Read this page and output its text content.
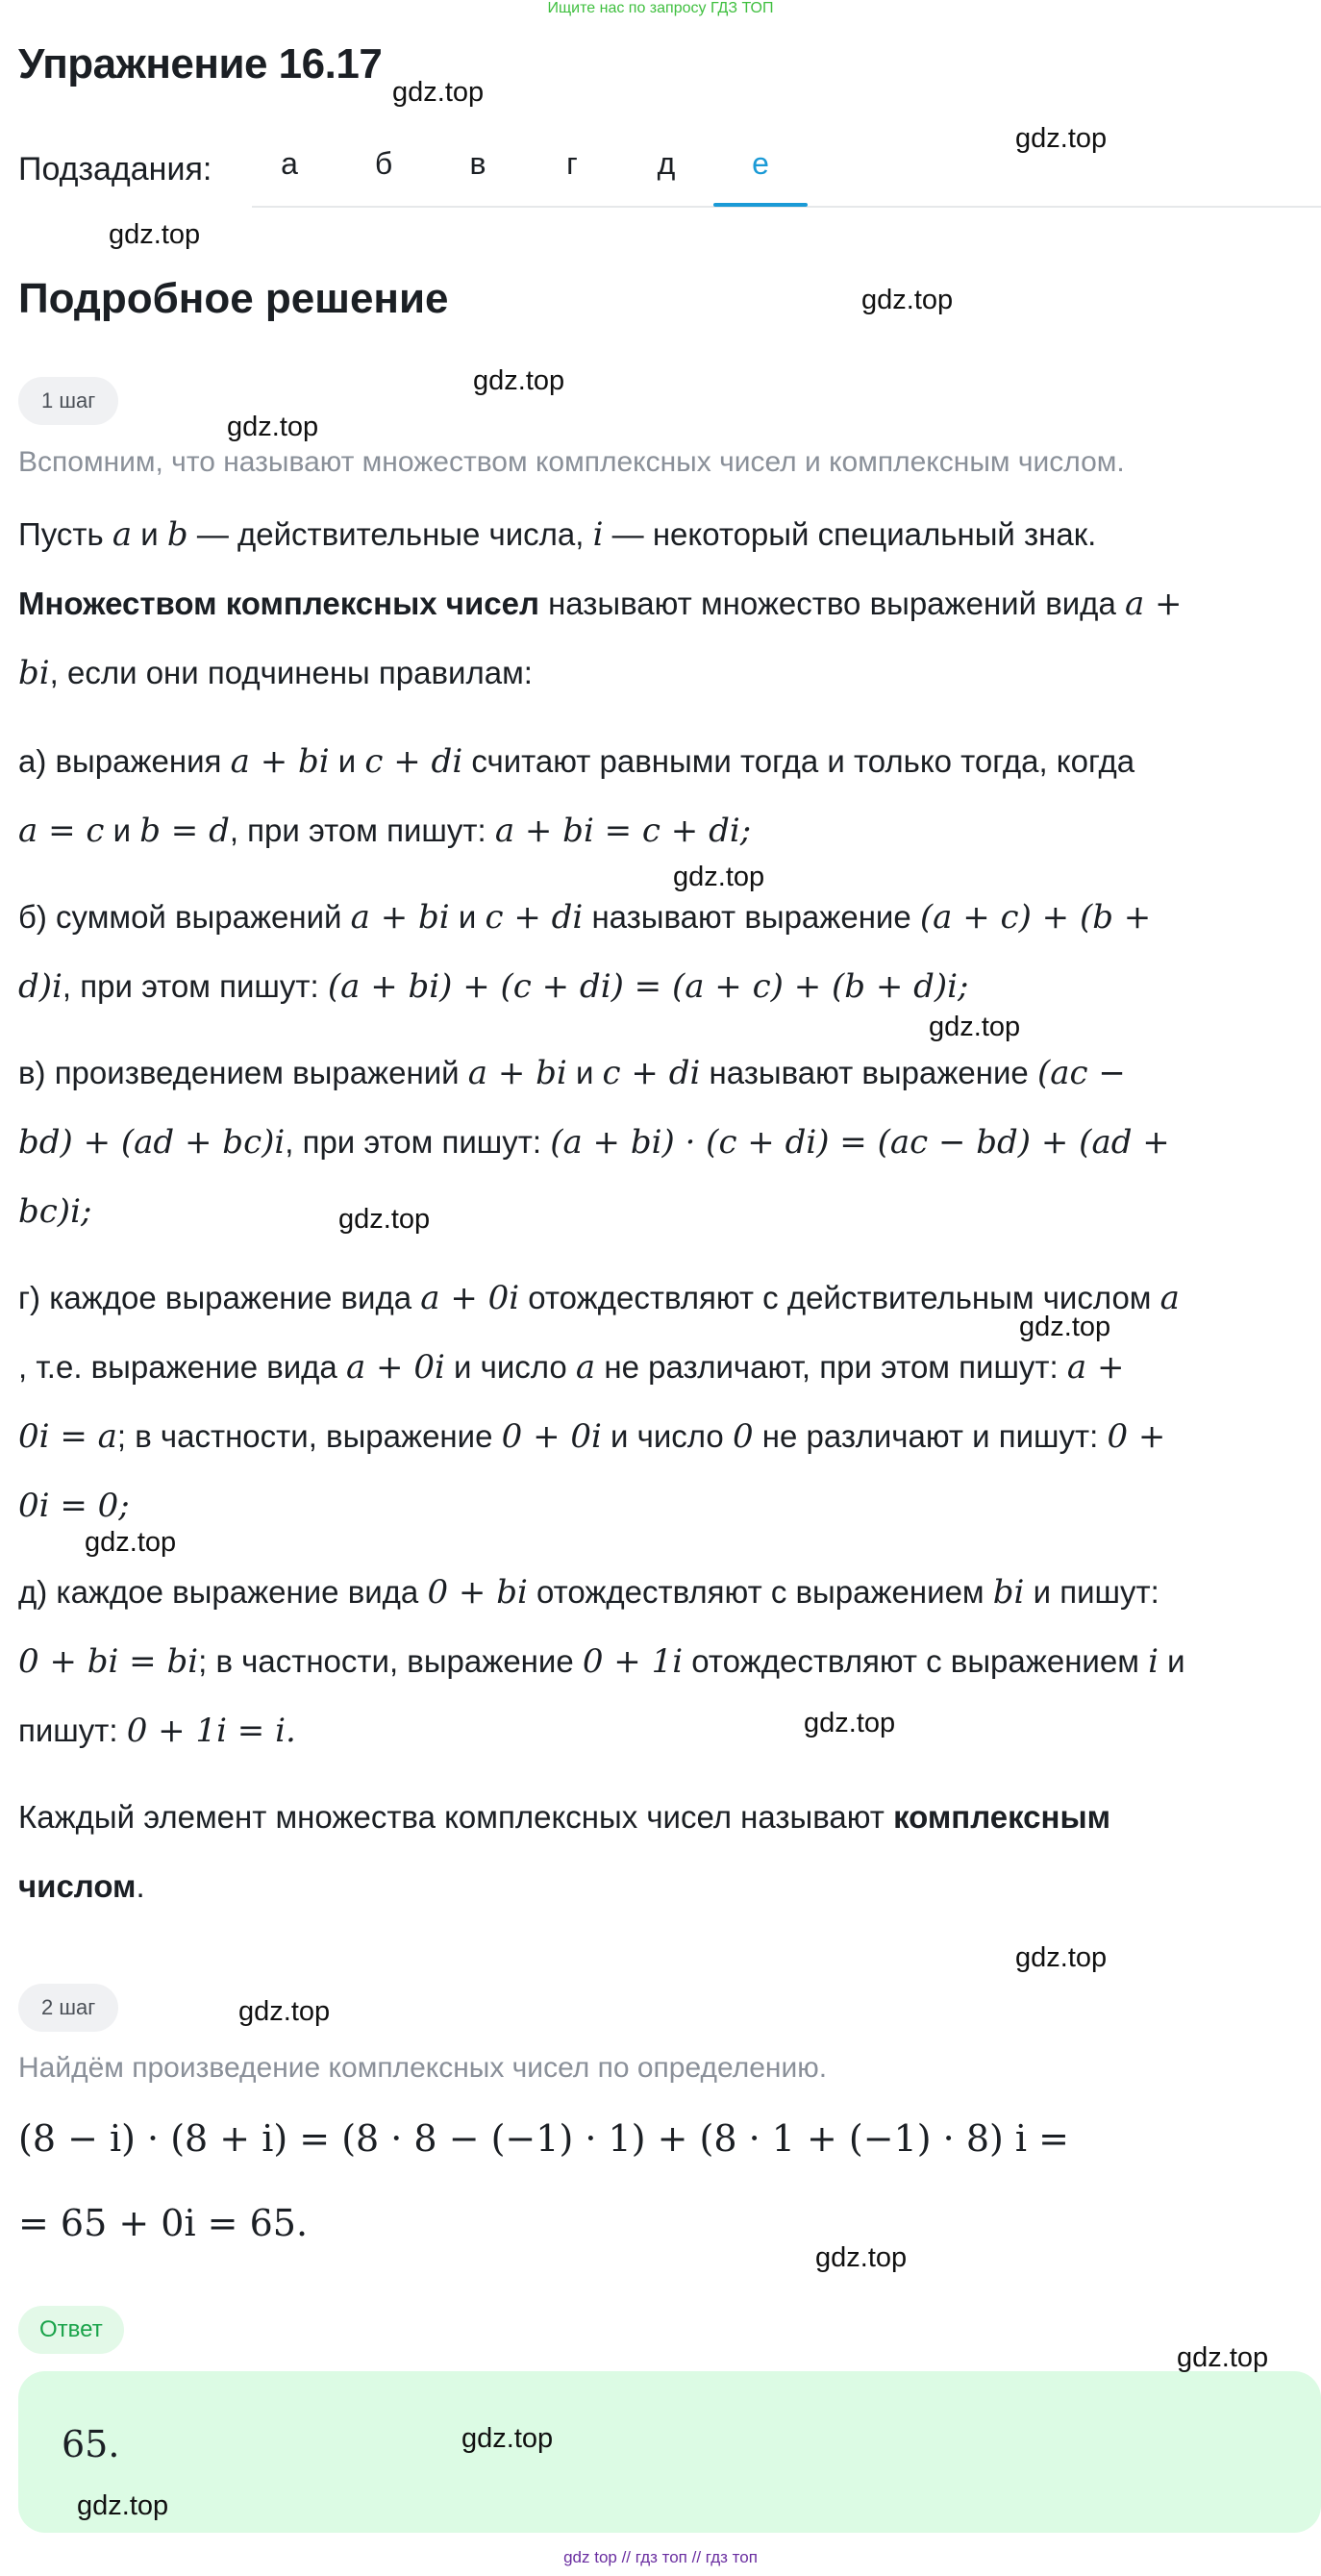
Ищите нас по запросу ГДЗ ТОП
Упражнение 16.17
Подзадания:	а	б	в	г	д	е
Подробное решение
1 шаг
Вспомним, что называют множеством комплексных чисел и комплексным числом.
Пусть a и b — действительные числа, i — некоторый специальный знак.
Множеством комплексных чисел называют множество выражений вида a +
bi, если они подчинены правилам:
а) выражения a + bi и c + di считают равными тогда и только тогда, когда
a = c и b = d, при этом пишут: a + bi = c + di;
б) суммой выражений a + bi и c + di называют выражение (a + c) + (b +
d)i, при этом пишут: (a + bi) + (c + di) = (a + c) + (b + d)i;
в) произведением выражений a + bi и c + di называют выражение (ac −
bd) + (ad + bc)i, при этом пишут: (a + bi) · (c + di) = (ac − bd) + (ad +
bc)i;
г) каждое выражение вида a + 0i отождествляют с действительным числом a
, т.е. выражение вида a + 0i и число a не различают, при этом пишут: a +
0i = a; в частности, выражение 0 + 0i и число 0 не различают и пишут: 0 +
0i = 0;
д) каждое выражение вида 0 + bi отождествляют с выражением bi и пишут:
0 + bi = bi; в частности, выражение 0 + 1i отождествляют с выражением i и
пишут: 0 + 1i = i.
Каждый элемент множества комплексных чисел называют комплексным
числом.
2 шаг
Найдём произведение комплексных чисел по определению.
(8 − i) · (8 + i) = (8 · 8 − (−1) · 1) + (8 · 1 + (−1) · 8) i =
= 65 + 0i = 65.
Ответ
65.
gdz.top
gdz.top
gdz.top
gdz.top
gdz.top
gdz.top
gdz.top
gdz.top
gdz.top
gdz.top
gdz.top
gdz.top
gdz.top
gdz.top
gdz.top
gdz.top
gdz.top
gdz.top
gdz top // гдз топ // гдз топ
